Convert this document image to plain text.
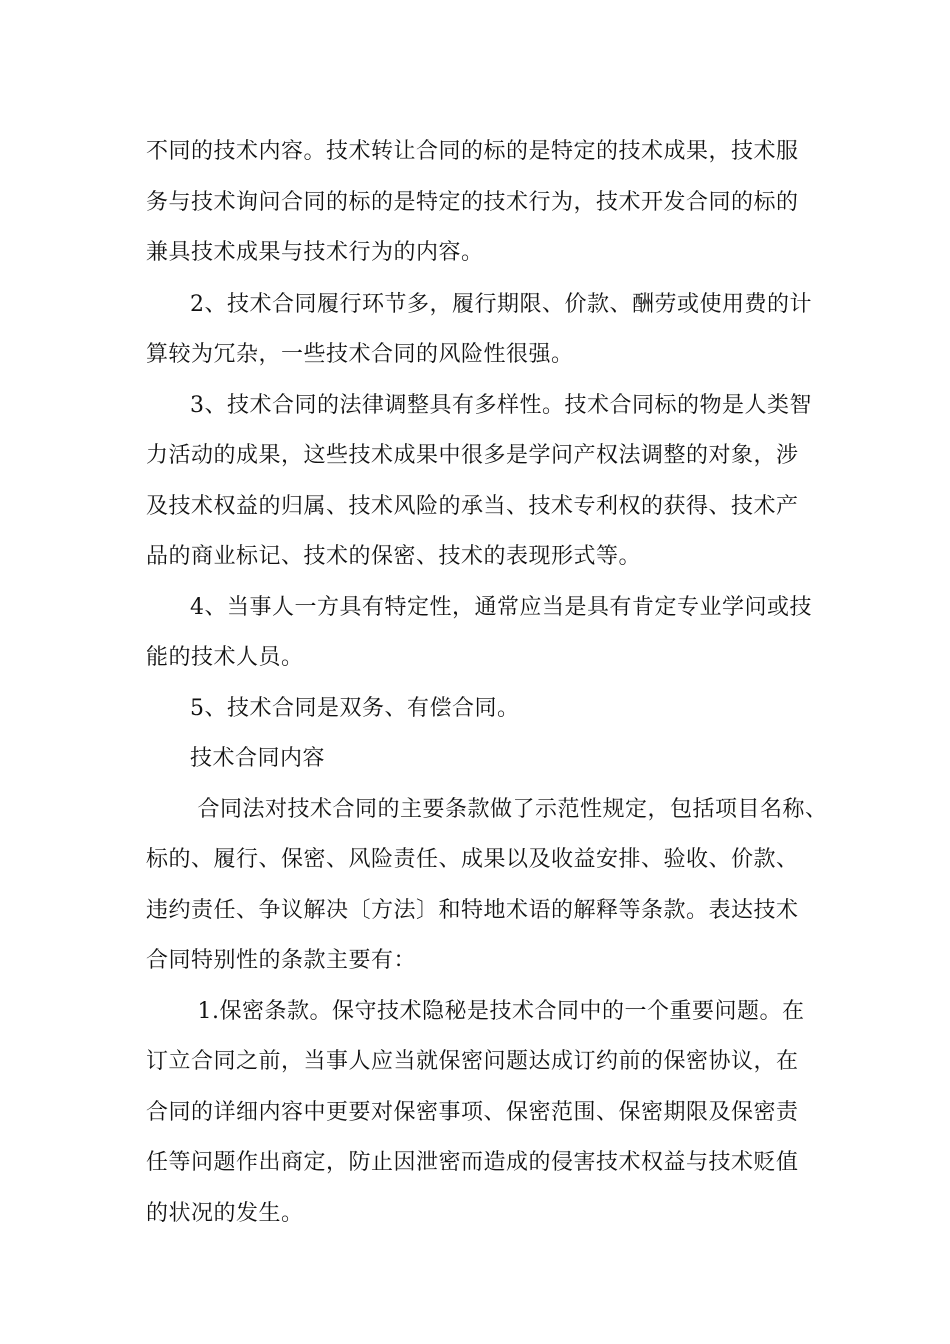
不同的技术内容。技术转让合同的标的是特定的技术成果，技术服
务与技术询问合同的标的是特定的技术行为，技术开发合同的标的
兼具技术成果与技术行为的内容。
2、技术合同履行环节多，履行期限、价款、酬劳或使用费的计
算较为冗杂，一些技术合同的风险性很强。
3、技术合同的法律调整具有多样性。技术合同标的物是人类智
力活动的成果，这些技术成果中很多是学问产权法调整的对象，涉
及技术权益的归属、技术风险的承当、技术专利权的获得、技术产
品的商业标记、技术的保密、技术的表现形式等。
4、当事人一方具有特定性，通常应当是具有肯定专业学问或技
能的技术人员。
5、技术合同是双务、有偿合同。
技术合同内容
合同法对技术合同的主要条款做了示范性规定，包括项目名称、
标的、履行、保密、风险责任、成果以及收益安排、验收、价款、
违约责任、争议解决〔方法〕和特地术语的解释等条款。表达技术
合同特别性的条款主要有：
1.保密条款。保守技术隐秘是技术合同中的一个重要问题。在
订立合同之前，当事人应当就保密问题达成订约前的保密协议，在
合同的详细内容中更要对保密事项、保密范围、保密期限及保密责
任等问题作出商定，防止因泄密而造成的侵害技术权益与技术贬值
的状况的发生。
